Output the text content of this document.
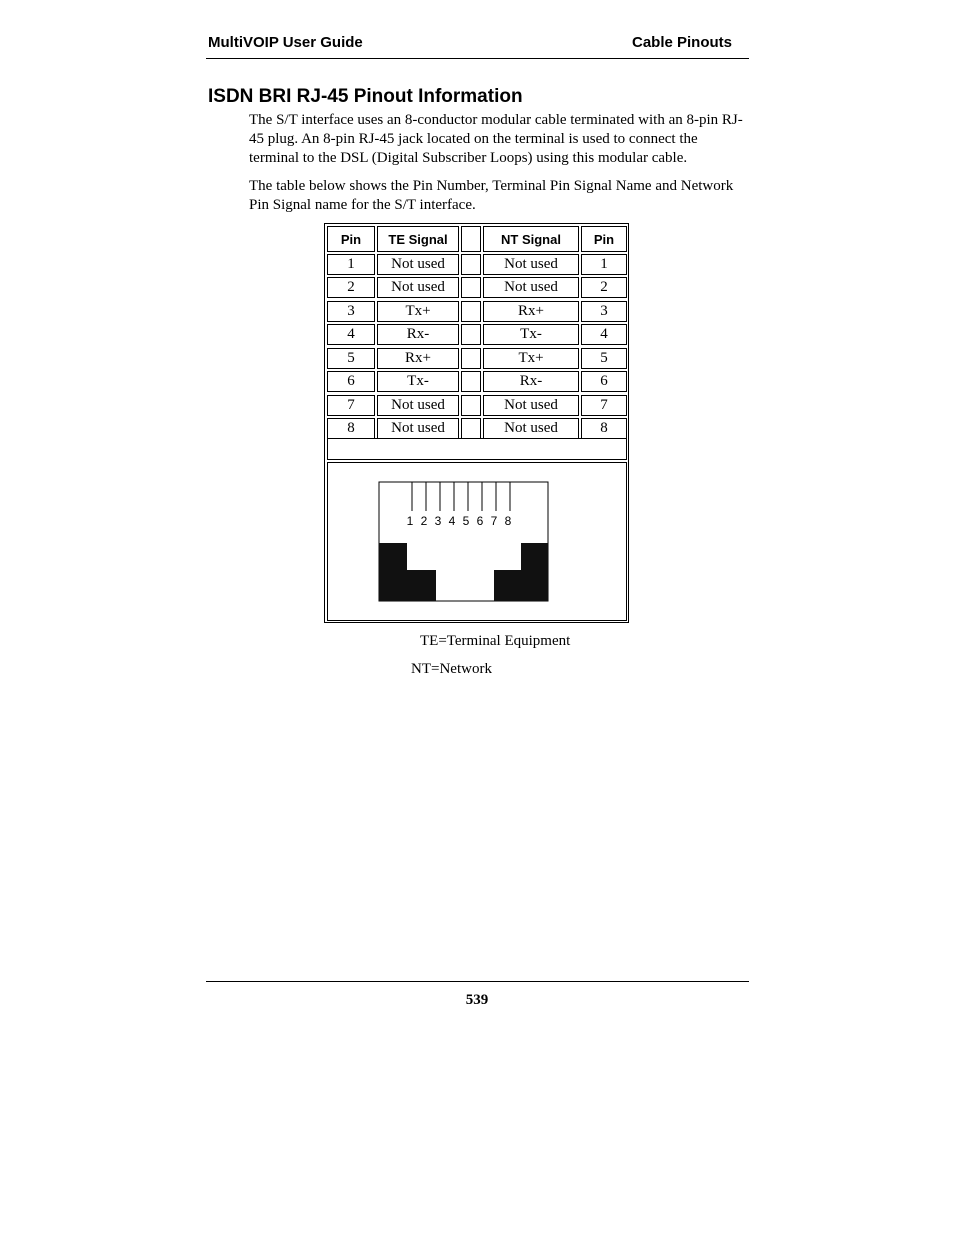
MultiVOIP User Guide	Cable Pinouts
ISDN BRI RJ-45 Pinout Information

The S/T interface uses an 8-conductor modular cable terminated with an 8-pin RJ-45 plug. An 8-pin RJ-45 jack located on the terminal is used to connect the terminal to the DSL (Digital Subscriber Loops) using this modular cable.

The table below shows the Pin Number, Terminal Pin Signal Name and Network Pin Signal name for the S/T interface.

Pin	TE Signal	NT Signal	Pin
1	Not used	Not used	1
2	Not used	Not used	2
3	Tx+	Rx+	3
4	Rx-	Tx-	4
5	Rx+	Tx+	5
6	Tx-	Rx-	6
7	Not used	Not used	7
8	Not used	Not used	8
1 2 3 4 5 6 7 8
TE=Terminal Equipment
NT=Network
539
